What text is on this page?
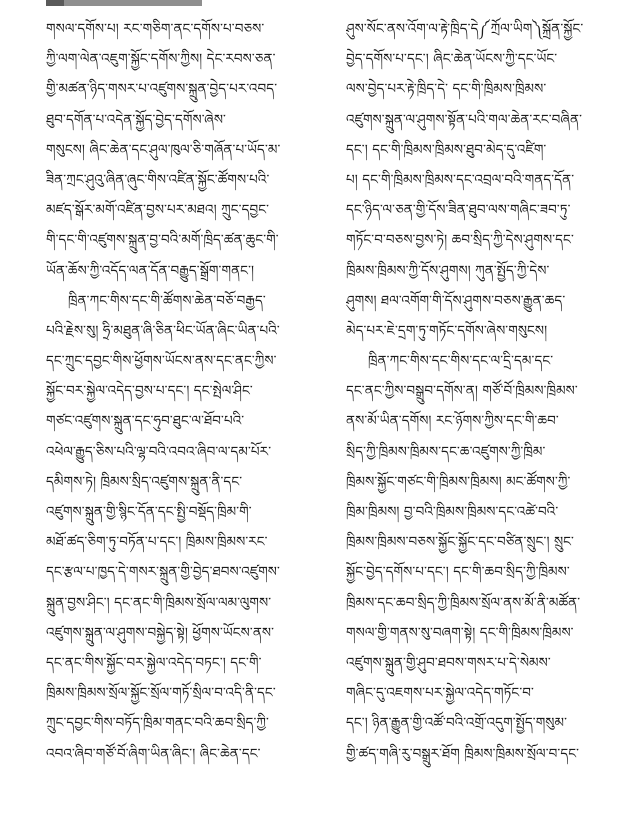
གསལ་དགོས་པ། རང་གཅིག་ནང་དགོས་པ་བཅས་
ཀྱི་ལག་ལེན་འཇུག་སྐྱོང་དགོས་ཀྱིས། དེང་རབས་ཅན་
གྱི་མཚན་ཉིད་གསར་པ་འཛུགས་སྐྲུན་བྱེད་པར་འབད་
ཐུབ་དགོན་པ་འདེན་སྐྱོད་བྱེད་དགོས་ཞེས་
གསུངས། ཞིང་ཆེན་དང་ཤུལ་ཁུལ་ཅི་གཞོན་པ་ཡོད་མ་
ཟིན་ཀྲང་ཤུའུ་ཞིན་ཞུང་གིས་འཛིན་སྐྱོང་ཚོགས་པའི་
མཛད་སྒོར་མགོ་འཛིན་བྱས་པར་མཐའ། ཀྲུང་དབྱང་
གི་དང་གི་འཛུགས་སྐྲུན་བྱ་བའི་མགོ་ཁྲིད་ཚན་ཆུང་གི་
ཡོན་ཆོས་ཀྱི་འདོད་ལན་དོན་བརྒྱུད་སྒྲོག་གནང་།
ཁྲིན་ཀང་གིས་དང་གི་ཚོགས་ཆེན་བཅོ་བརྒྱད་
པའི་རྗེས་སུ། ཧྲི་མཐུན་ཞི་ཅིན་ཕིང་ཡོན་ཞིང་ཡིན་པའི་
དང་ཀྲུང་དབྱང་གིས་ཕྱོགས་ཡོངས་ནས་དང་ནང་ཀྱིས་
སྐྱོང་བར་སྐྱེལ་འདེད་བྱས་པ་དང་། དང་སྤེལ་ཤིང་
གཙང་འཛུགས་སྐྲུན་དང་ཧུབ་ཐུང་ལ་ཐོབ་པའི་
འཕེལ་རྒྱུད་ཅིས་པའི་ལྷ་བའི་འབའ་ཞིབ་ལ་དམ་པོར་
དམིགས་ཏེ། ཁྲིམས་སྲིད་འཛུགས་སྐྲུན་ནི་དང་
འཛུགས་སྐྲུན་གྱི་སྙིང་དོན་དང་སྤྱི་བསྡོད་ཁྲིམ་གི་
མཐོ་ཚད་ཅིག་ཏུ་བཏོན་པ་དང་། ཁྲིམས་ཁྲིམས་རང་
དང་རྩལ་པ་ཁྱད་དེ་གསར་སྐྲུན་གྱི་བྱེད་ཐབས་འཛུགས་
སྐྲུན་བྱས་ཤིང་། དང་ནང་གི་ཁྲིམས་སྲོལ་ལམ་ལུགས་
འཛུགས་སྐྲུན་ལ་ཤུགས་བསྐྱེད་སྟེ། ཕྱོགས་ཡོངས་ནས་
དང་ནང་གིས་སྐྱོང་བར་སྐྱེལ་འདེད་བཏང་། དང་གི་
ཁྲིམས་ཁྲིམས་སྲོལ་སྐྱོང་སྲོལ་གཏོ་སྲིལ་བ་འདི་ནི་དང་
ཀྲུང་དབྱང་གིས་བཏོད་ཁྲིམ་གནང་བའི་ཆབ་སྲིད་ཀྱི་
འབའ་ཞིབ་གཙོ་བོ་ཞིག་ཡིན་ཞིང་། ཞིང་ཆེན་དང་
ཤུས་སོང་ནས་འོག་ལ་རྟེ་ཁྲིད་དེ༼ཀྲོལ་ཡིག༽སྐྲོན་སྐྱོང་
བྱེད་དགོས་པ་དང་། ཞིང་ཆེན་ཡོངས་ཀྱི་དང་ཡོང་
ལས་བྱེད་པར་རྟེ་ཁྲིད་དེ་ དང་གི་ཁྲིམས་ཁྲིམས་
འཛུགས་སྐྲུན་ལ་ཤུགས་སྟོན་པའི་གལ་ཆེན་རང་བཞིན་
དང་། དང་གི་ཁྲིམས་ཁྲིམས་ཐུབ་མེད་དུ་འཛིག་
པ། དང་གི་ཁྲིམས་ཁྲིམས་དང་འབྲལ་བའི་གནད་དོན་
དང་ཉིད་ལ་ཅན་གྱི་དོས་ཟིན་ཐུབ་ལས་གཞིང་ཟབ་ཏུ་
གཏོང་བ་བཅས་བྱས་ཏེ། ཆབ་སྲིད་ཀྱི་དེས་ཤུགས་དང་
ཁྲིམས་ཁྲིམས་ཀྱི་དོས་ཤུགས། ཀུན་སྤྱོད་ཀྱི་དེས་
ཤུགས། ཐལ་འགོག་གི་དོས་ཤུགས་བཅས་རྒྱུན་ཆད་
མེད་པར་ཇེ་དྲག་ཏུ་གཏོང་དགོས་ཞེས་གསུངས།
ཁྲིན་ཀང་གིས་དང་གིས་དང་ལ་དྲི་དམ་དང་
དང་ནང་ཀྱིས་བསྒྲུབ་དགོས་ན། གཙོ་བོ་ཁྲིམས་ཁྲིམས་
ནས་མོ་ཡིན་དགོས། རང་ཉོགས་ཀྱིས་དང་གི་ཆབ་
སྲིད་ཀྱི་ཁྲིམས་ཁྲིམས་དང་ཆ་འཛུགས་ཀྱི་ཁྲིམ་
ཁྲིམས་སྐྱོང་གཙང་གི་ཁྲིམས་ཁྲིམས། མང་ཚོགས་ཀྱི་
ཁྲིམ་ཁྲིམས། བྱ་བའི་ཁྲིམས་ཁྲིམས་དང་འཚེ་བའི་
ཁྲིམས་ཁྲིམས་བཅས་སྐྱོང་སྐྱོང་དང་བཙིན་སྲུང་། སྲུང་
སྐྱོང་བྱེད་དགོས་པ་དང་། དང་གི་ཆབ་སྲིད་ཀྱི་ཁྲིམས་
ཁྲིམས་དང་ཆབ་སྲིད་ཀྱི་ཁྲིམས་སྲོལ་ནས་མོ་ནི་མཚོན་
གསལ་གྱི་གནས་སུ་བཞག་སྟེ། དང་གི་ཁྲིམས་ཁྲིམས་
འཛུགས་སྐྲུན་གྱི་ཤུབ་ཐབས་གསར་པ་དེ་སེམས་
གཞིང་དུ་འཇགས་པར་སྐྱེལ་འདེད་གཏོང་བ་
དང་། ཉིན་རྒྱུན་གྱི་འཚོ་བའི་འགྲོ་འདུག་སྤྱོད་གསུམ་
གྱི་ཚད་གཞི་རུ་བསྒྲུར་ཐོག ཁྲིམས་ཁྲིམས་སྲོལ་བ་དང་
